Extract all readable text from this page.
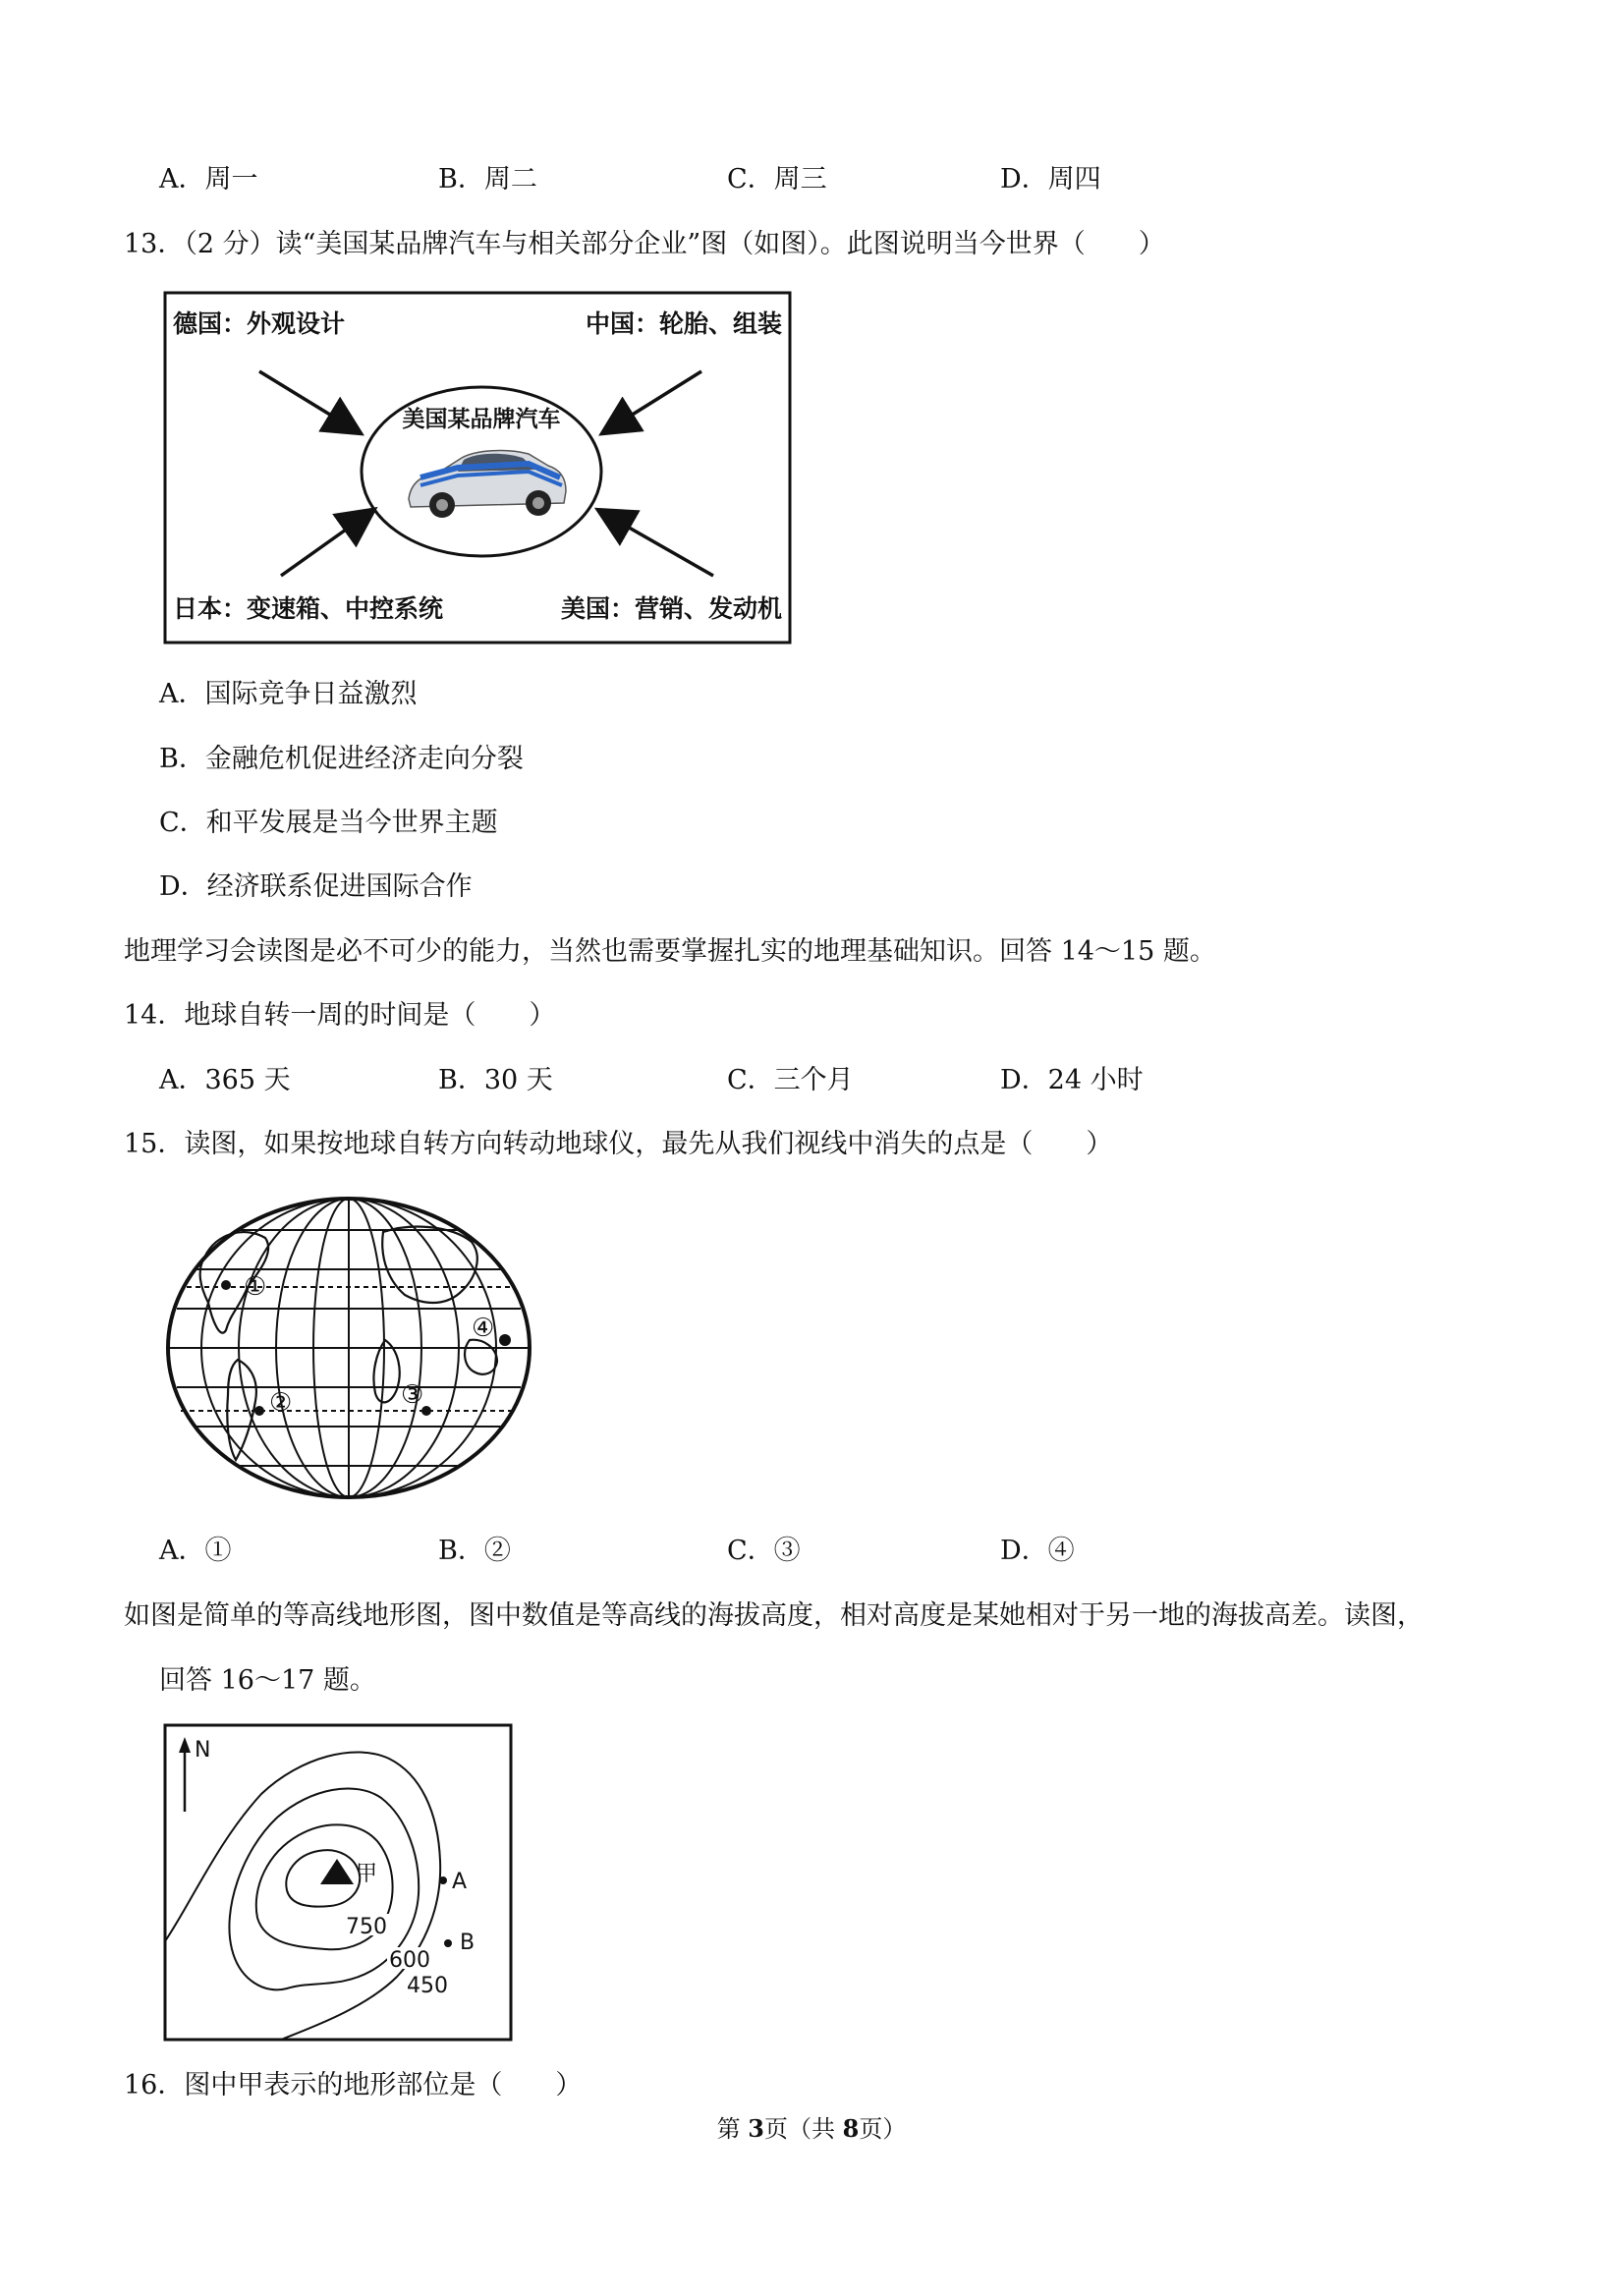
A．周一	B．周二	C．周三	D．周四
13．（2 分）读“美国某品牌汽车与相关部分企业”图（如图）。此图说明当今世界（　　）
德国：外观设计	中国：轮胎、组装
日本：变速箱、中控系统	美国：营销、发动机
美国某品牌汽车
A．国际竞争日益激烈
B．金融危机促进经济走向分裂
C．和平发展是当今世界主题
D．经济联系促进国际合作
地理学习会读图是必不可少的能力，当然也需要掌握扎实的地理基础知识。回答 14～15 题。
14．地球自转一周的时间是（　　）
A．365 天	B．30 天	C．三个月	D．24 小时
15．读图，如果按地球自转方向转动地球仪，最先从我们视线中消失的点是（　　）
①
②	③
④
A．①	B．②	C．③	D．④
如图是简单的等高线地形图，图中数值是等高线的海拔高度，相对高度是某她相对于另一地的海拔高差。读图，
回答 16～17 题。
N
甲	A
B
750
600
450
16．图中甲表示的地形部位是（　　）
第 3页（共 8页）
